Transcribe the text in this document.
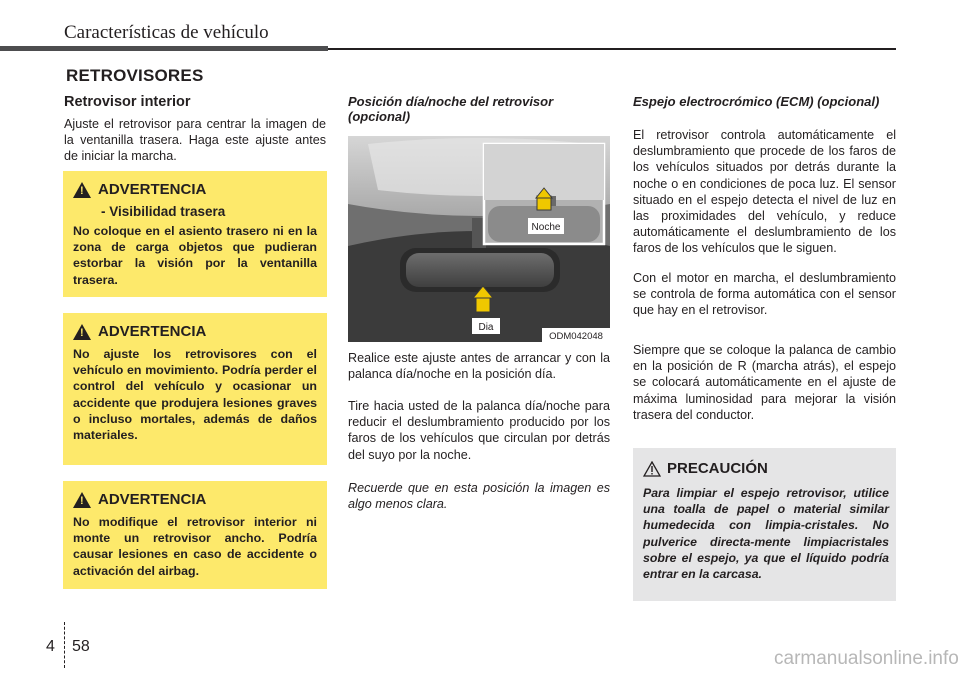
Características de vehículo
RETROVISORES
Retrovisor interior
Ajuste el retrovisor para centrar la imagen de la ventanilla trasera. Haga este ajuste antes de iniciar la marcha.
! ADVERTENCIA
- Visibilidad trasera
No coloque en el asiento trasero ni en la zona de carga objetos que pudieran estorbar la visión por la ventanilla trasera.
! ADVERTENCIA
No ajuste los retrovisores con el vehículo en movimiento. Podría perder el control del vehículo y ocasionar un accidente que produjera lesiones graves o incluso mortales, además de daños materiales.
! ADVERTENCIA
No modifique el retrovisor interior ni monte un retrovisor ancho. Podría causar lesiones en caso de accidente o activación del airbag.
Posición día/noche del retrovisor (opcional)
Noche
Dia
ODM042048
Realice este ajuste antes de arrancar y con la palanca día/noche en la posición día.
Tire hacia usted de la palanca día/noche para reducir el deslumbramiento producido por los faros de los vehículos que circulan por detrás del suyo por la noche.
Recuerde que en esta posición la imagen es algo menos clara.
Espejo electrocrómico (ECM) (opcional)
El retrovisor controla automáticamente el deslumbramiento que procede de los faros de los vehículos situados por detrás durante la noche o en condiciones de poca luz. El sensor situado en el espejo detecta el nivel de luz en las proximidades del vehículo, y reduce automáticamente el deslumbramiento de los faros de los vehículos que le siguen.
Con el motor en marcha, el deslumbramiento se controla de forma automática con el sensor que hay en el retrovisor.
Siempre que se coloque la palanca de cambio en la posición de R (marcha atrás), el espejo se colocará automáticamente en el ajuste de máxima luminosidad para mejorar la visión trasera del conductor.
PRECAUCIÓN
Para limpiar el espejo retrovisor, utilice una toalla de papel o material similar humedecida con limpia-cristales. No pulverice directa-mente limpiacristales sobre el espejo, ya que el líquido podría entrar en la carcasa.
4 58
carmanualsonline.info
